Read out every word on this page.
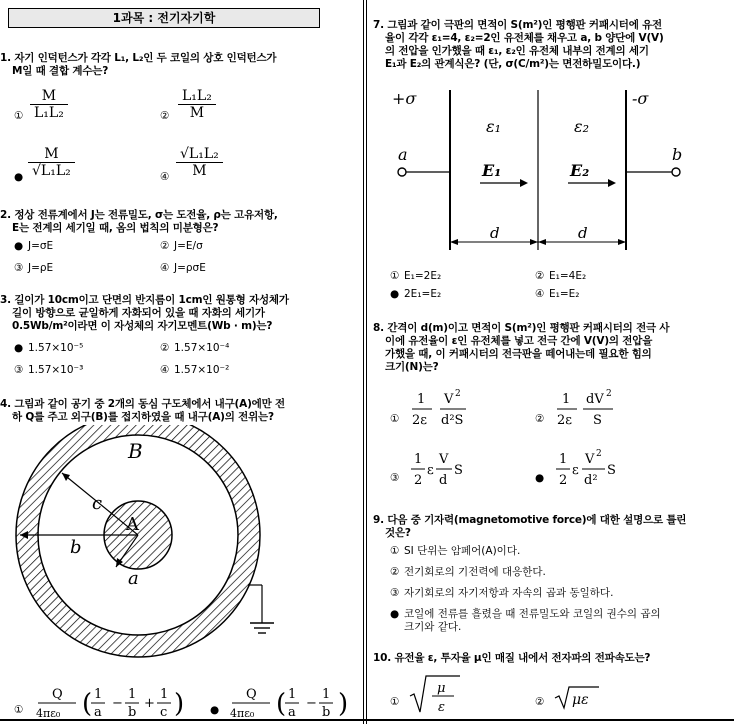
1과목 : 전기자기학
1. 자기 인덕턴스가 각각 L₁, L₂인 두 코일의 상호 인덕턴스가
M일 때 결합 계수는?
① $\frac{M}{\text{L₁L₂}}$	② $\frac{\text{L₁L₂}}{M}$
● $\frac{M}{\text{√L₁L₂}}$	④ $\frac{\text{√L₁L₂}}{M}$
2. 정상 전류계에서 J는 전류밀도, σ는 도전율, ρ는 고유저항,
E는 전계의 세기일 때, 옴의 법칙의 미분형은?
● J=σE	② J=E/σ
③ J=ρE	④ J=ρσE
3. 길이가 10cm이고 단면의 반지름이 1cm인 원통형 자성체가
길이 방향으로 균일하게 자화되어 있을 때 자화의 세기가
0.5Wb/m²이라면 이 자성체의 자기모멘트(Wb · m)는?
● 1.57×10⁻⁵	② 1.57×10⁻⁴
③ 1.57×10⁻³	④ 1.57×10⁻²
4. 그림과 같이 공기 중 2개의 동심 구도체에서 내구(A)에만 전
하 Q를 주고 외구(B)를 접지하였을 때 내구(A)의 전위는?
B
A
c
b
a
①
Q
4πε₀ ( 1
a
−
1
b
+
1
c ) ●
Q
4πε₀ ( 1
a
−
1
b )
7. 그림과 같이 극판의 면적이 S(m²)인 평행판 커패시터에 유전
율이 각각 ε₁=4, ε₂=2인 유전체를 채우고 a, b 양단에 V(V)
의 전압을 인가했을 때 ε₁, ε₂인 유전체 내부의 전계의 세기
E₁과 E₂의 관계식은? (단, σ(C/m²)는 면전하밀도이다.)
+σ	-σ
ε₁	ε₂
a	b
E₁	E₂
d	d
① E₁=2E₂	② E₁=4E₂
● 2E₁=E₂	④ E₁=E₂
8. 간격이 d(m)이고 면적이 S(m²)인 평행판 커패시터의 전극 사
이에 유전율이 ε인 유전체를 넣고 전극 간에 V(V)의 전압을
가했을 때, 이 커패시터의 전극판을 떼어내는데 필요한 힘의
크기(N)는?
①
1
2ε
V 2
d²S	②
1
2ε
dV 2
S
③
1
2
ε
V
d
S	●
1
2
ε
V 2
d²
S
9. 다음 중 기자력(magnetomotive force)에 대한 설명으로 틀린
것은?
① SI 단위는 암페어(A)이다.
② 전기회로의 기전력에 대응한다.
③ 자기회로의 자기저항과 자속의 곱과 동일하다.
● 코일에 전류를 흘렸을 때 전류밀도와 코일의 권수의 곱의
크기와 같다.
10. 유전율 ε, 투자율 μ인 매질 내에서 전자파의 전파속도는?
①
μ
ε	② με
